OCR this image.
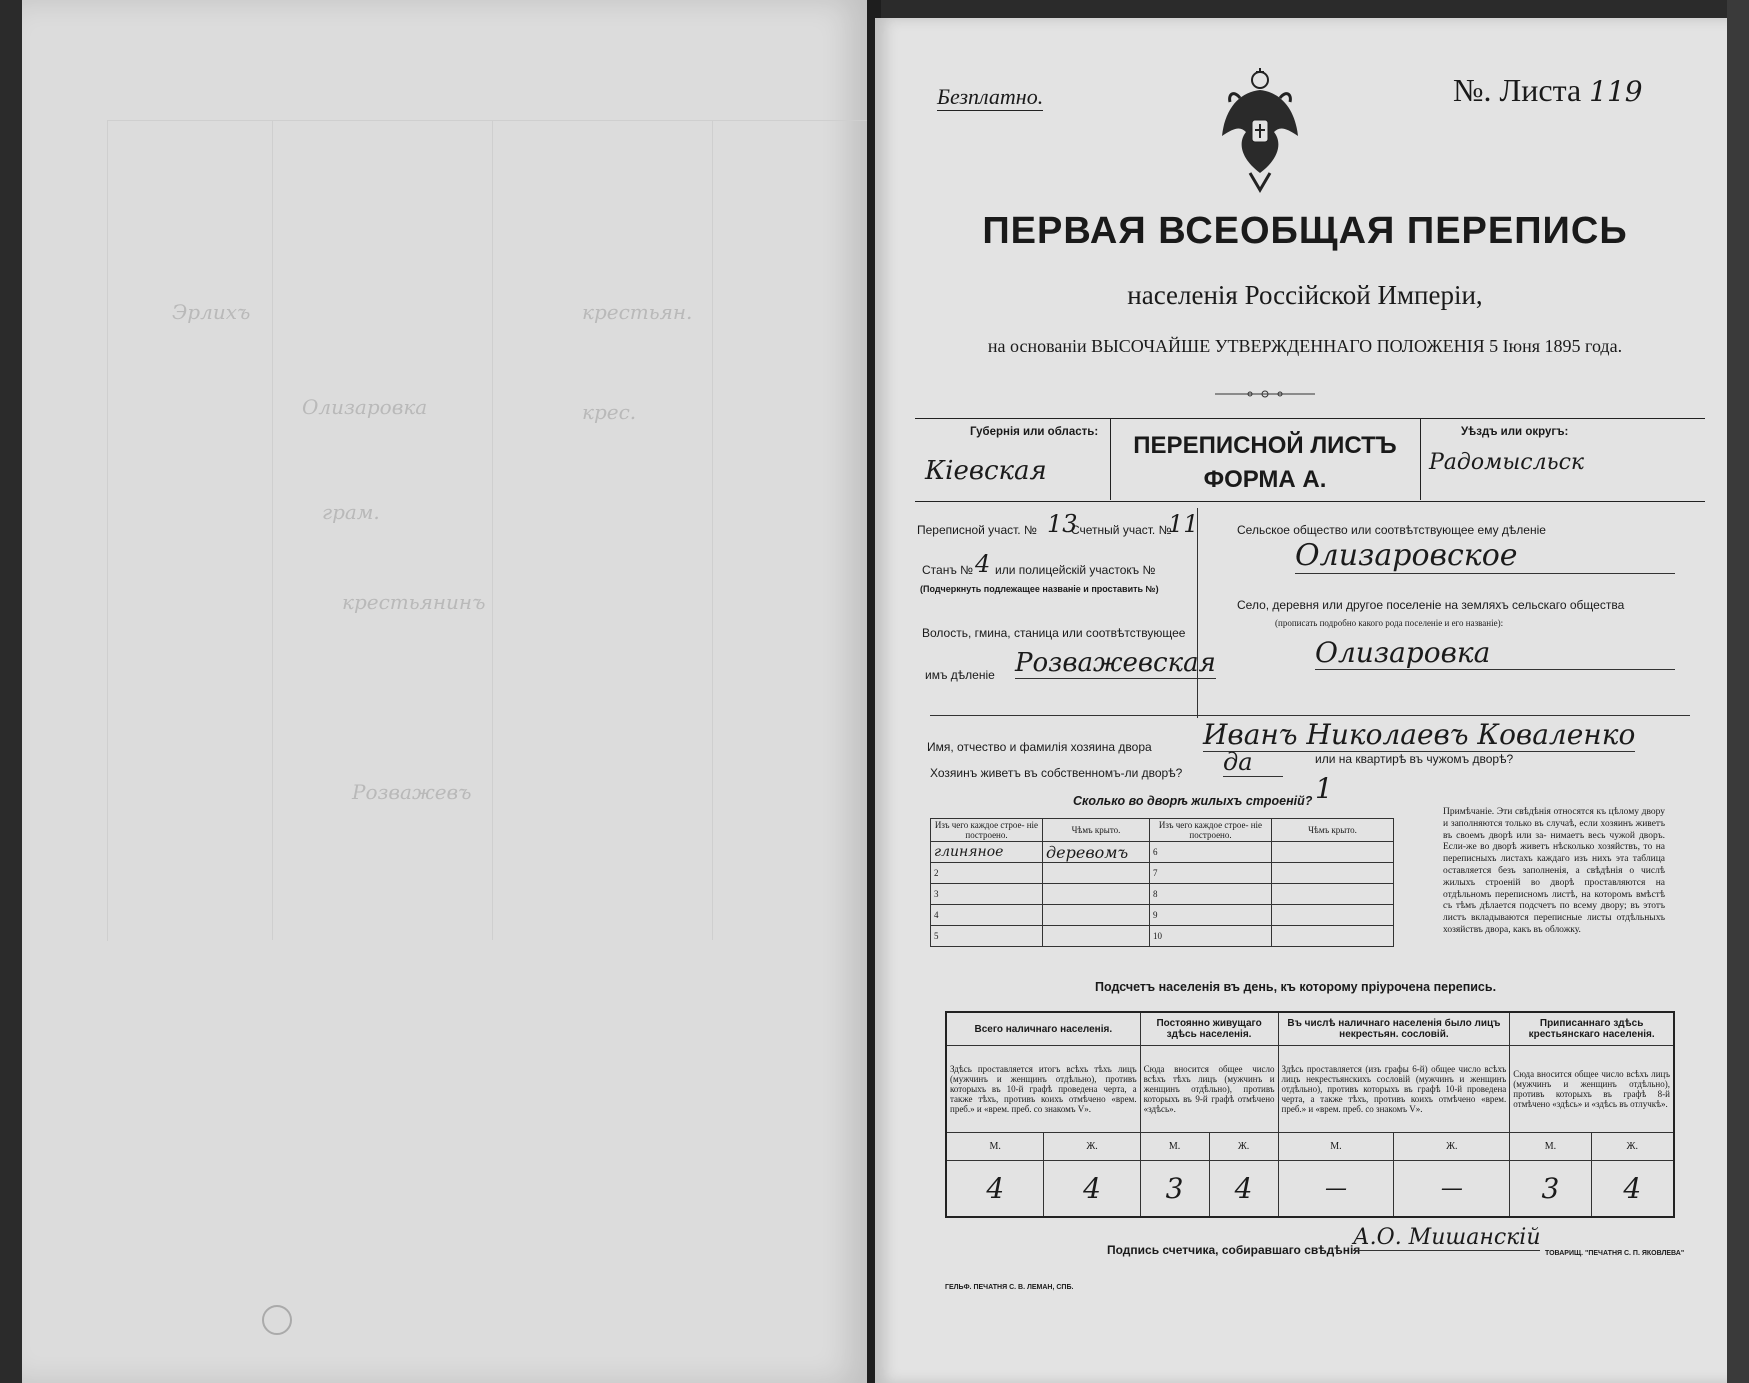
Эрлихъ	крестьян.
Олизаровка	крес.
грам.
крестьянинъ
Розважевъ
Безплатно.	№. Листа 119
ПЕРВАЯ ВСЕОБЩАЯ ПЕРЕПИСЬ
населенія Россійской Имперіи,
на основаніи ВЫСОЧАЙШЕ УТВЕРЖДЕННАГО ПОЛОЖЕНІЯ 5 Іюня 1895 года.
Губернія или область:
Кіевская
ПЕРЕПИСНОЙ ЛИСТЪ
ФОРМА А.
Уѣздъ или округъ:
Радомысльск
Переписной участ. № 13
Счетный участ. №
11
Станъ № 4 или полицейскій участокъ №
(Подчеркнуть подлежащее названіе и проставить №)
Волость, гмина, станица или соотвѣтствующее
имъ дѣленіе Розважевская
Сельское общество или соотвѣтствующее ему дѣленіе
Олизаровское
Село, деревня или другое поселеніе на земляхъ сельскаго общества
(прописать подробно какого рода поселеніе и его названіе):
Олизаровка
Имя, отчество и фамилія хозяина двора Иванъ Николаевъ Коваленко
Хозяинъ живетъ въ собственномъ-ли дворѣ? да	или на квартирѣ въ чужомъ дворѣ?
Сколько во дворѣ жилыхъ строеній? 1
Изъ чего каждое строе- ніе построено.	Чѣмъ крыто.	Изъ чего каждое строе- ніе построено.	Чѣмъ крыто.
глиняное	деревомъ	6	
2		7	
3		8	
4		9	
5		10	
Примѣчаніе. Эти свѣдѣнія относятся къ цѣлому двору и заполняются только въ случаѣ, если хозяинъ живетъ въ своемъ дворѣ или за- нимаетъ весь чужой дворъ. Если-же во дворѣ живетъ нѣсколько хозяйствъ, то на переписныхъ листахъ каждаго изъ нихъ эта таблица оставляется безъ заполненія, а свѣдѣнія о числѣ жилыхъ строеній во дворѣ проставляются на отдѣльномъ переписномъ листѣ, на которомъ вмѣстѣ съ тѣмъ дѣлается подсчетъ по всему двору; въ этотъ листъ вкладываются переписные листы отдѣльныхъ хозяйствъ двора, какъ въ обложку.
Подсчетъ населенія въ день, къ которому пріурочена перепись.
Всего наличнаго населенія.		Постоянно живущаго здѣсь населенія.		Въ числѣ наличнаго населенія было лицъ некрестьян. сословій.		Приписаннаго здѣсь крестьянскаго населенія.	
Здѣсь проставляется итогъ всѣхъ тѣхъ лицъ (мужчинъ и женщинъ отдѣльно), противъ которыхъ въ 10-й графѣ проведена черта, а также тѣхъ, противъ коихъ отмѣчено «врем. преб.» и «врем. преб. со знакомъ V».		Сюда вносится общее число всѣхъ тѣхъ лицъ (мужчинъ и женщинъ отдѣльно), противъ которыхъ въ 9-й графѣ отмѣчено «здѣсь».		Здѣсь проставляется (изъ графы 6-й) общее число всѣхъ лицъ некрестьянскихъ сословій (мужчинъ и женщинъ отдѣльно), противъ которыхъ въ графѣ 10-й проведена черта, а также тѣхъ, противъ коихъ отмѣчено «врем. преб.» и «врем. преб. со знакомъ V».		Сюда вносится общее число всѣхъ лицъ (мужчинъ и женщинъ отдѣльно), противъ которыхъ въ графѣ 8-й отмѣчено «здѣсь» и «здѣсь въ отлучкѣ».	
М.	Ж.	М.	Ж.	М.	Ж.	М.	Ж.
4	4	3	4	—	—	3	4
Подпись счетчика, собиравшаго свѣдѣнія
А.О. Мишанскій
ГЕЛЬФ. ПЕЧАТНЯ С. В. ЛЕМАН, СПБ.
ТОВАРИЩ. "ПЕЧАТНЯ С. П. ЯКОВЛЕВА"
